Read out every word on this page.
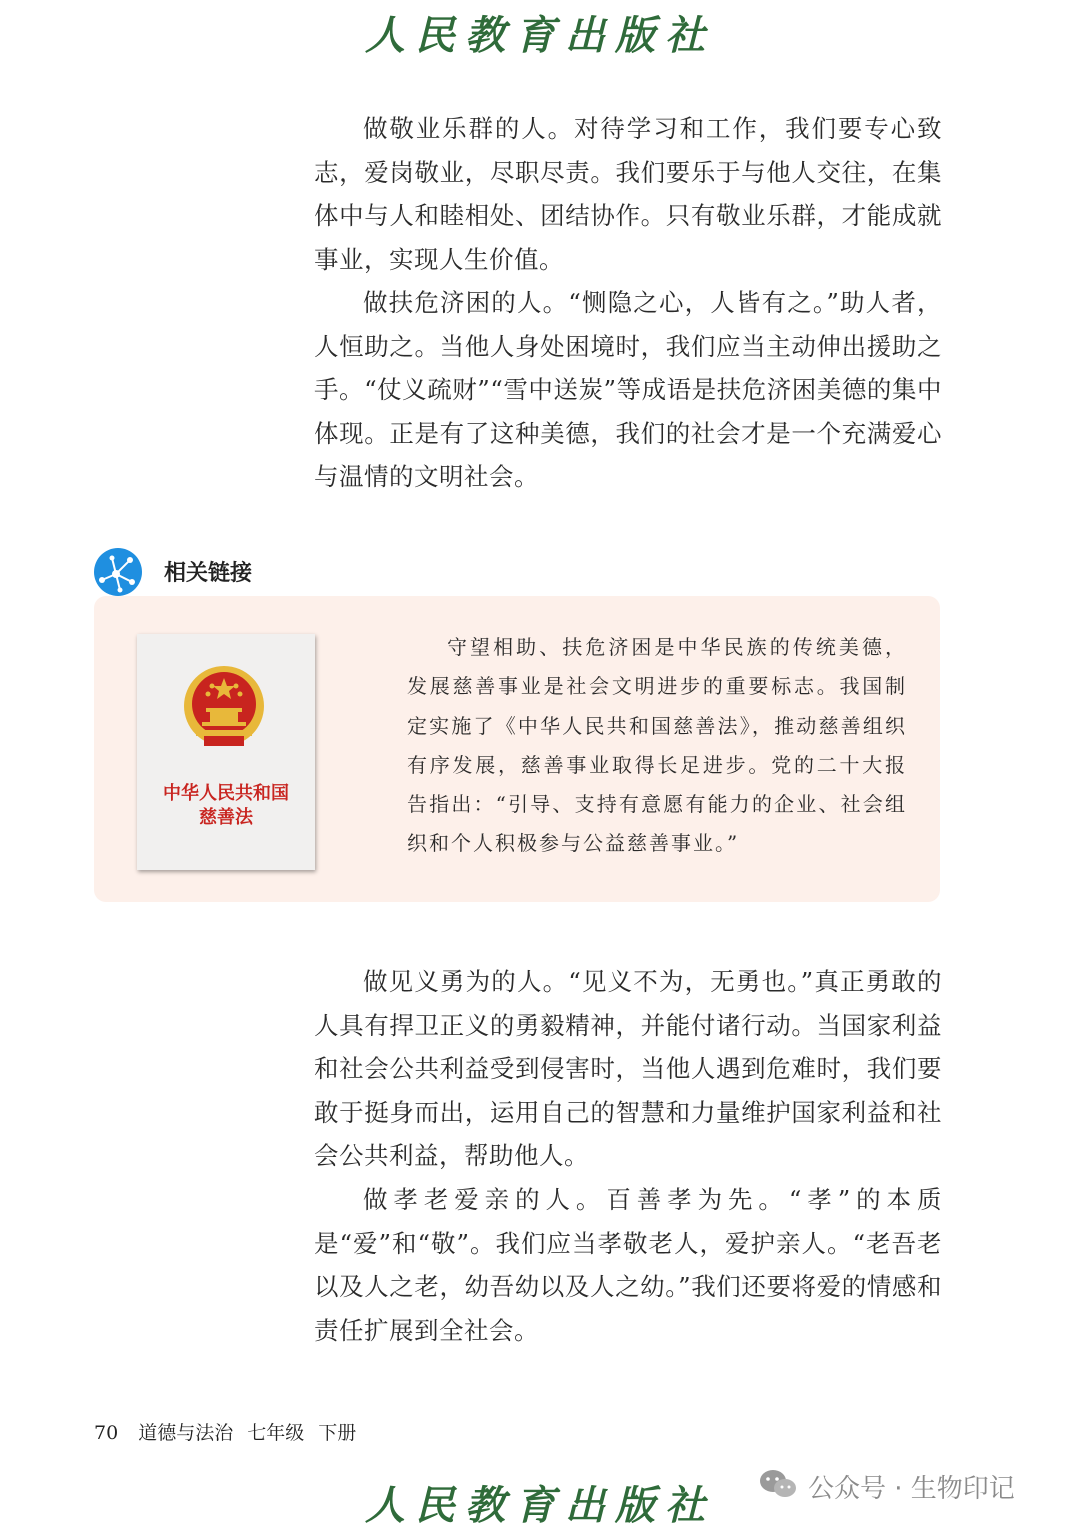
人民教育出版社

做敬业乐群的人。对待学习和工作，我们要专心致志，爱岗敬业，尽职尽责。我们要乐于与他人交往，在集体中与人和睦相处、团结协作。只有敬业乐群，才能成就事业，实现人生价值。

做扶危济困的人。“恻隐之心，人皆有之。”助人者，人恒助之。当他人身处困境时，我们应当主动伸出援助之手。“仗义疏财”“雪中送炭”等成语是扶危济困美德的集中体现。正是有了这种美德，我们的社会才是一个充满爱心与温情的文明社会。

相关链接
中华人民共和国
慈善法

守望相助、扶危济困是中华民族的传统美德，发展慈善事业是社会文明进步的重要标志。我国制定实施了《中华人民共和国慈善法》，推动慈善组织有序发展，慈善事业取得长足进步。党的二十大报告指出：“引导、支持有意愿有能力的企业、社会组织和个人积极参与公益慈善事业。”

做见义勇为的人。“见义不为，无勇也。”真正勇敢的人具有捍卫正义的勇毅精神，并能付诸行动。当国家利益和社会公共利益受到侵害时，当他人遇到危难时，我们要敢于挺身而出，运用自己的智慧和力量维护国家利益和社会公共利益，帮助他人。

做孝老爱亲的人。百善孝为先。“孝”的本质是“爱”和“敬”。我们应当孝敬老人，爱护亲人。“老吾老以及人之老，幼吾幼以及人之幼。”我们还要将爱的情感和责任扩展到全社会。

70 道德与法治 七年级 下册
人民教育出版社	公众号 · 生物印记
